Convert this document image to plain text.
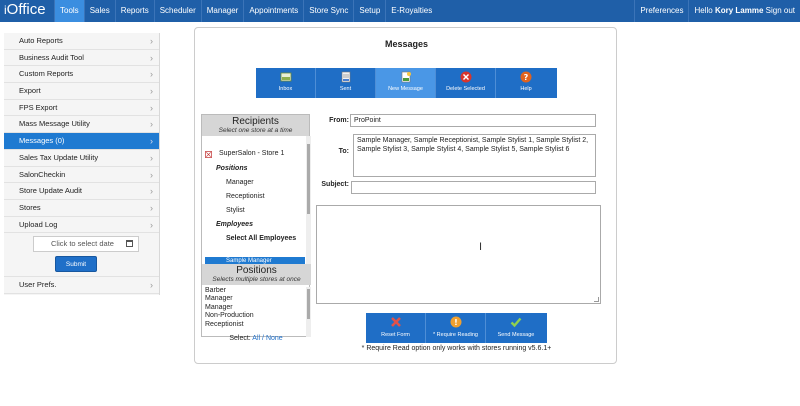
iOffice	Tools	Sales	Reports	Scheduler	Manager	Appointments	Store Sync	Setup	E-Royalties	Preferences	Hello Kory Lamme Sign out
Auto Reports	›
Business Audit Tool	›
Custom Reports	›
Export	›
FPS Export	›
Mass Message Utility	›
Messages (0)	›
Sales Tax Update Utility	›
SalonCheckin	›
Store Update Audit	›
Stores	›
Upload Log	›
Click to select date
Submit
User Prefs.	›
Messages
Inbox	Sent	New Message	Delete Selected
?
Help
Recipients
Select one store at a time
SuperSalon - Store 1
Positions
Manager
Receptionist
Stylist
Employees
Select All Employees
Sample Manager
Positions
Selects multiple stores at once
Barber
Manager
Manager
Non-Production
Receptionist
Select: All / None
From: ProPoint
To:
Sample Manager, Sample Receptionist, Sample Stylist 1, Sample Stylist 2, Sample Stylist 3, Sample Stylist 4, Sample Stylist 5, Sample Stylist 6
Subject:
I
Reset Form
!
* Require Reading	Send Message
* Require Read option only works with stores running v5.6.1+
